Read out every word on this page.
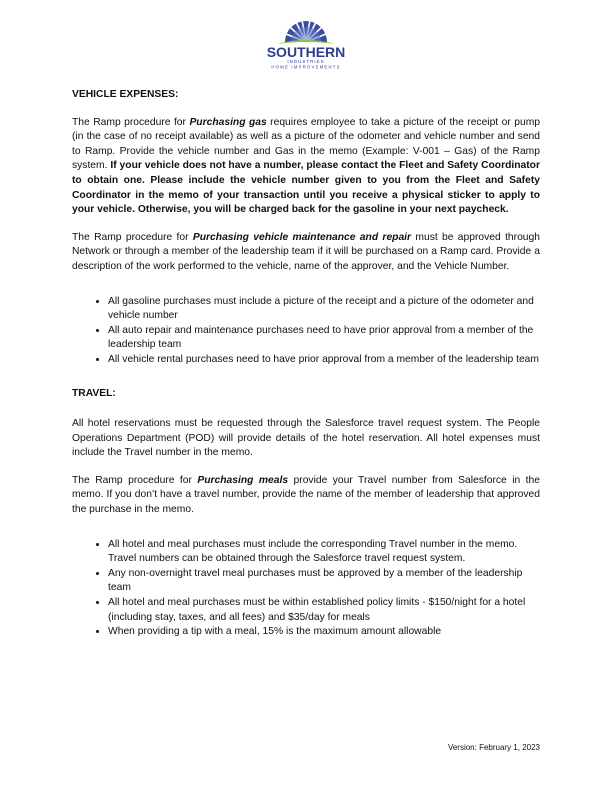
SOUTHERN
INDUSTRIES
HOME IMPROVEMENTS
VEHICLE EXPENSES:

The Ramp procedure for Purchasing gas requires employee to take a picture of the receipt or pump (in the case of no receipt available) as well as a picture of the odometer and vehicle number and send to Ramp. Provide the vehicle number and Gas in the memo (Example: V-001 – Gas) of the Ramp system. If your vehicle does not have a number, please contact the Fleet and Safety Coordinator to obtain one. Please include the vehicle number given to you from the Fleet and Safety Coordinator in the memo of your transaction until you receive a physical sticker to apply to your vehicle. Otherwise, you will be charged back for the gasoline in your next paycheck.

The Ramp procedure for Purchasing vehicle maintenance and repair must be approved through Network or through a member of the leadership team if it will be purchased on a Ramp card. Provide a description of the work performed to the vehicle, name of the approver, and the Vehicle Number.

• All gasoline purchases must include a picture of the receipt and a picture of the odometer and vehicle number
• All auto repair and maintenance purchases need to have prior approval from a member of the leadership team
• All vehicle rental purchases need to have prior approval from a member of the leadership team
TRAVEL:

All hotel reservations must be requested through the Salesforce travel request system. The People Operations Department (POD) will provide details of the hotel reservation. All hotel expenses must include the Travel number in the memo.

The Ramp procedure for Purchasing meals provide your Travel number from Salesforce in the memo. If you don’t have a travel number, provide the name of the member of leadership that approved the purchase in the memo.

• All hotel and meal purchases must include the corresponding Travel number in the memo. Travel numbers can be obtained through the Salesforce travel request system.
• Any non-overnight travel meal purchases must be approved by a member of the leadership team
• All hotel and meal purchases must be within established policy limits - $150/night for a hotel (including stay, taxes, and all fees) and $35/day for meals
• When providing a tip with a meal, 15% is the maximum amount allowable
Version: February 1, 2023
